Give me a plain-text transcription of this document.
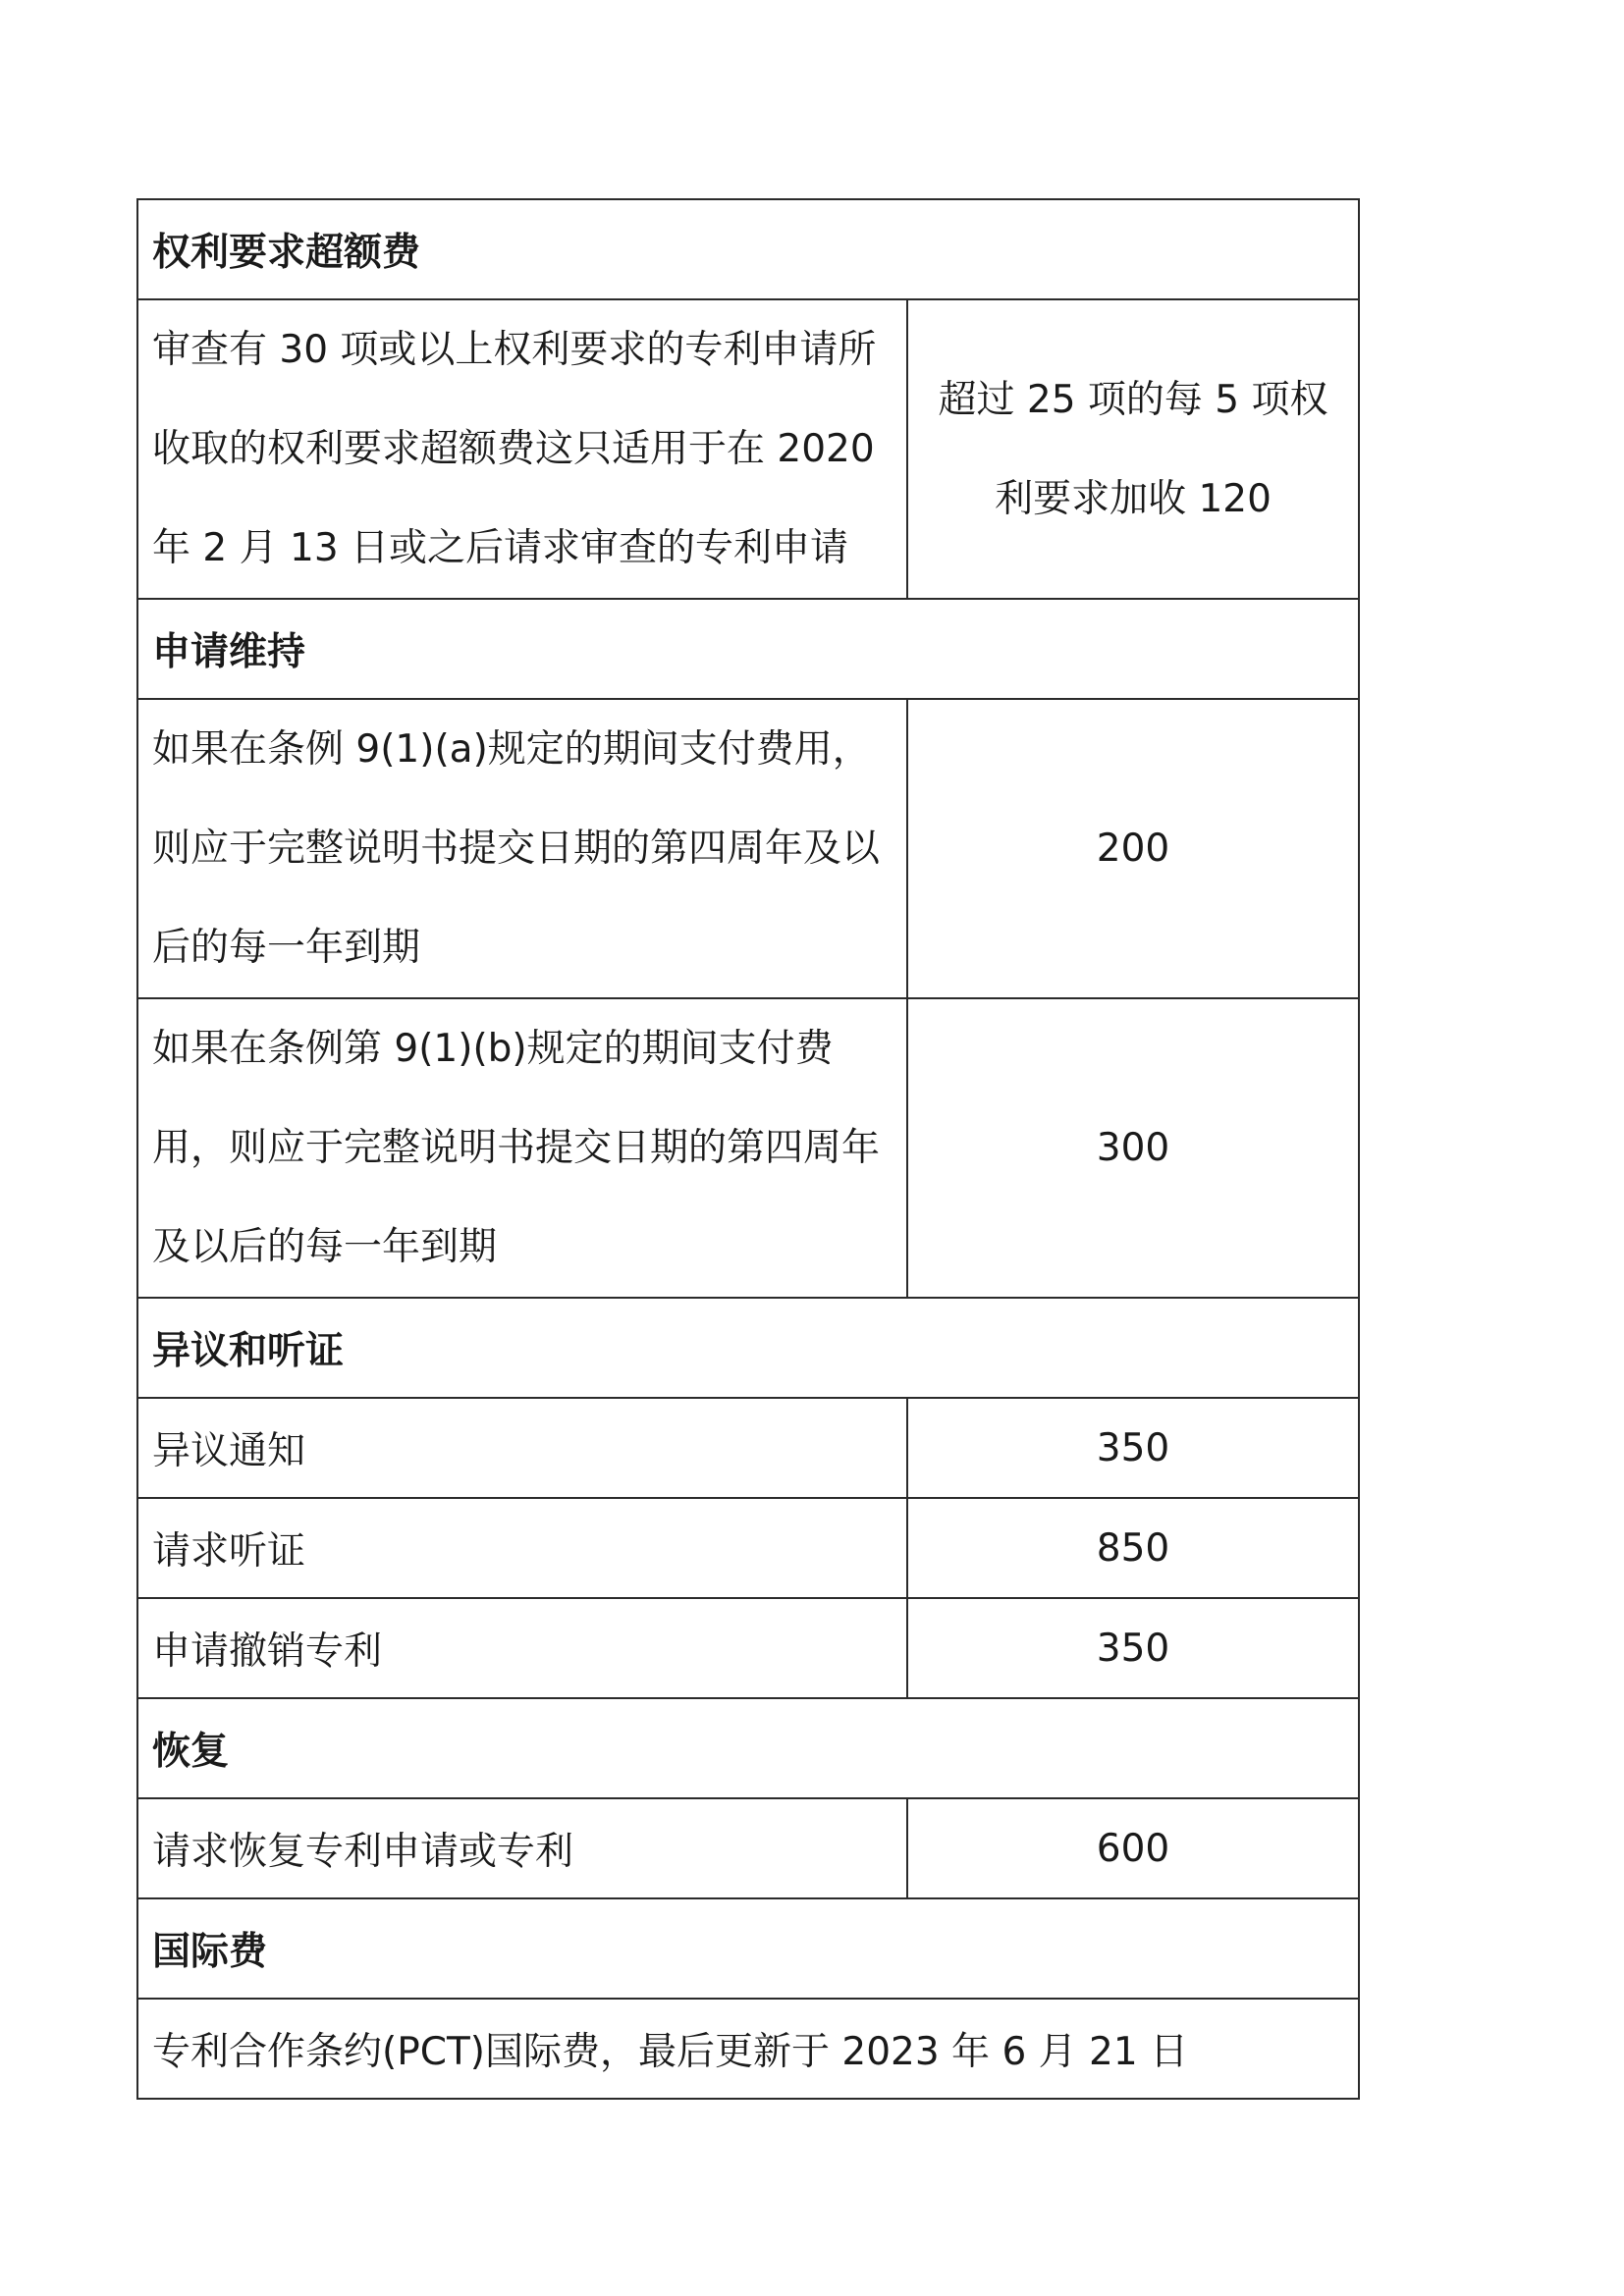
权利要求超额费	
审查有 30 项或以上权利要求的专利申请所收取的权利要求超额费这只适用于在 2020 年 2 月 13 日或之后请求审查的专利申请	超过 25 项的每 5 项权利要求加收 120

申请维持	
如果在条例 9(1)(a)规定的期间支付费用，则应于完整说明书提交日期的第四周年及以后的每一年到期	200
如果在条例第 9(1)(b)规定的期间支付费用，则应于完整说明书提交日期的第四周年及以后的每一年到期	300
异议和听证	
异议通知	350
请求听证	850
申请撤销专利	350
恢复	
请求恢复专利申请或专利	600
国际费	
专利合作条约(PCT)国际费，最后更新于 2023 年 6 月 21 日	
